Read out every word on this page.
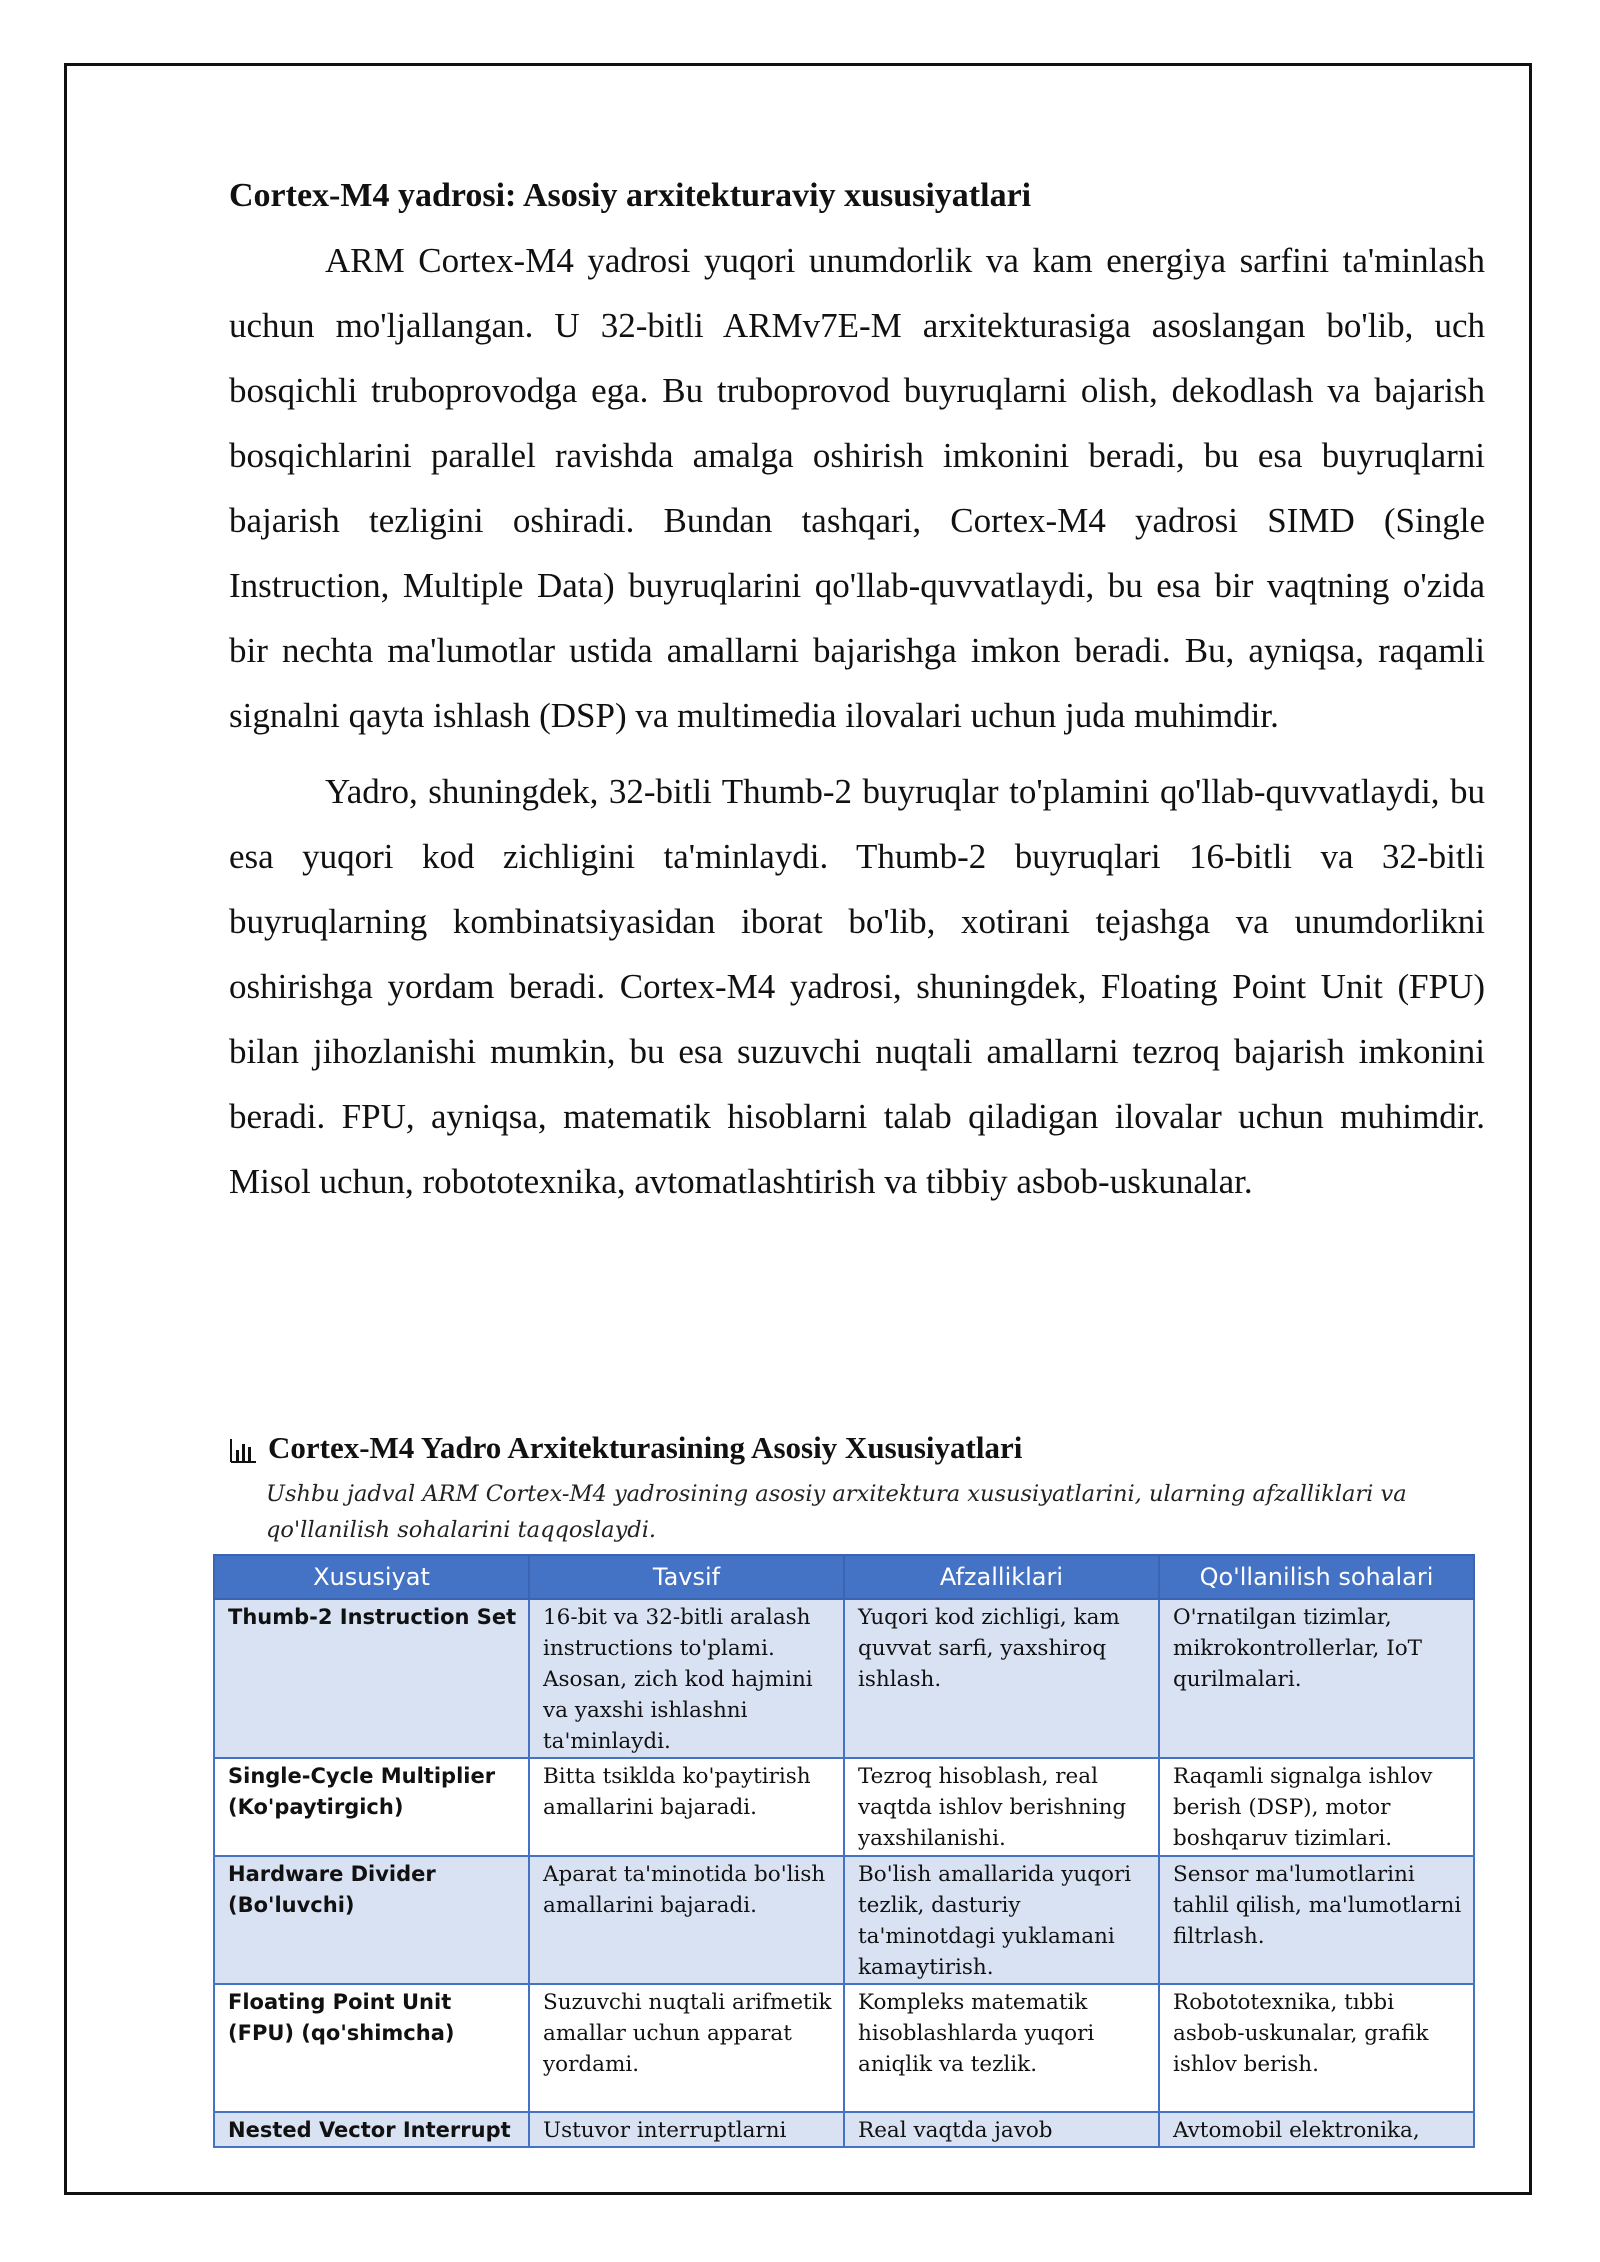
Cortex-M4 yadrosi: Asosiy arxitekturaviy xususiyatlari

ARM Cortex-M4 yadrosi yuqori unumdorlik va kam energiya sarfini ta'minlash uchun mo'ljallangan. U 32-bitli ARMv7E-M arxitekturasiga asoslangan bo'lib, uch bosqichli truboprovodga ega. Bu truboprovod buyruqlarni olish, dekodlash va bajarish bosqichlarini parallel ravishda amalga oshirish imkonini beradi, bu esa buyruqlarni bajarish tezligini oshiradi. Bundan tashqari, Cortex-M4 yadrosi SIMD (Single Instruction, Multiple Data) buyruqlarini qo'llab-quvvatlaydi, bu esa bir vaqtning o'zida bir nechta ma'lumotlar ustida amallarni bajarishga imkon beradi. Bu, ayniqsa, raqamli signalni qayta ishlash (DSP) va multimedia ilovalari uchun juda muhimdir.

Yadro, shuningdek, 32-bitli Thumb-2 buyruqlar to'plamini qo'llab-quvvatlaydi, bu esa yuqori kod zichligini ta'minlaydi. Thumb-2 buyruqlari 16-bitli va 32-bitli buyruqlarning kombinatsiyasidan iborat bo'lib, xotirani tejashga va unumdorlikni oshirishga yordam beradi. Cortex-M4 yadrosi, shuningdek, Floating Point Unit (FPU) bilan jihozlanishi mumkin, bu esa suzuvchi nuqtali amallarni tezroq bajarish imkonini beradi. FPU, ayniqsa, matematik hisoblarni talab qiladigan ilovalar uchun muhimdir. Misol uchun, robototexnika, avtomatlashtirish va tibbiy asbob-uskunalar.

Cortex-M4 Yadro Arxitekturasining Asosiy Xususiyatlari
Ushbu jadval ARM Cortex-M4 yadrosining asosiy arxitektura xususiyatlarini, ularning afzalliklari va qo'llanilish sohalarini taqqoslaydi.
Xususiyat	Tavsif	Afzalliklari	Qo'llanilish sohalari
Thumb-2 Instruction Set	16-bit va 32-bitli aralash instructions to'plami. Asosan, zich kod hajmini va yaxshi ishlashni ta'minlaydi.	Yuqori kod zichligi, kam quvvat sarfi, yaxshiroq ishlash.	O'rnatilgan tizimlar, mikrokontrollerlar, IoT qurilmalari.
Single-Cycle Multiplier (Ko'paytirgich)	Bitta tsiklda ko'paytirish amallarini bajaradi.	Tezroq hisoblash, real vaqtda ishlov berishning yaxshilanishi.	Raqamli signalga ishlov berish (DSP), motor boshqaruv tizimlari.
Hardware Divider (Bo'luvchi)	Aparat ta'minotida bo'lish amallarini bajaradi.	Bo'lish amallarida yuqori tezlik, dasturiy ta'minotdagi yuklamani kamaytirish.	Sensor ma'lumotlarini tahlil qilish, ma'lumotlarni filtrlash.
Floating Point Unit (FPU) (qo'shimcha)	Suzuvchi nuqtali arifmetik amallar uchun apparat yordami.	Kompleks matematik hisoblashlarda yuqori aniqlik va tezlik.	Robototexnika, tıbbi asbob-uskunalar, grafik ishlov berish.
Nested Vector Interrupt	Ustuvor interruptlarni	Real vaqtda javob	Avtomobil elektronika,
